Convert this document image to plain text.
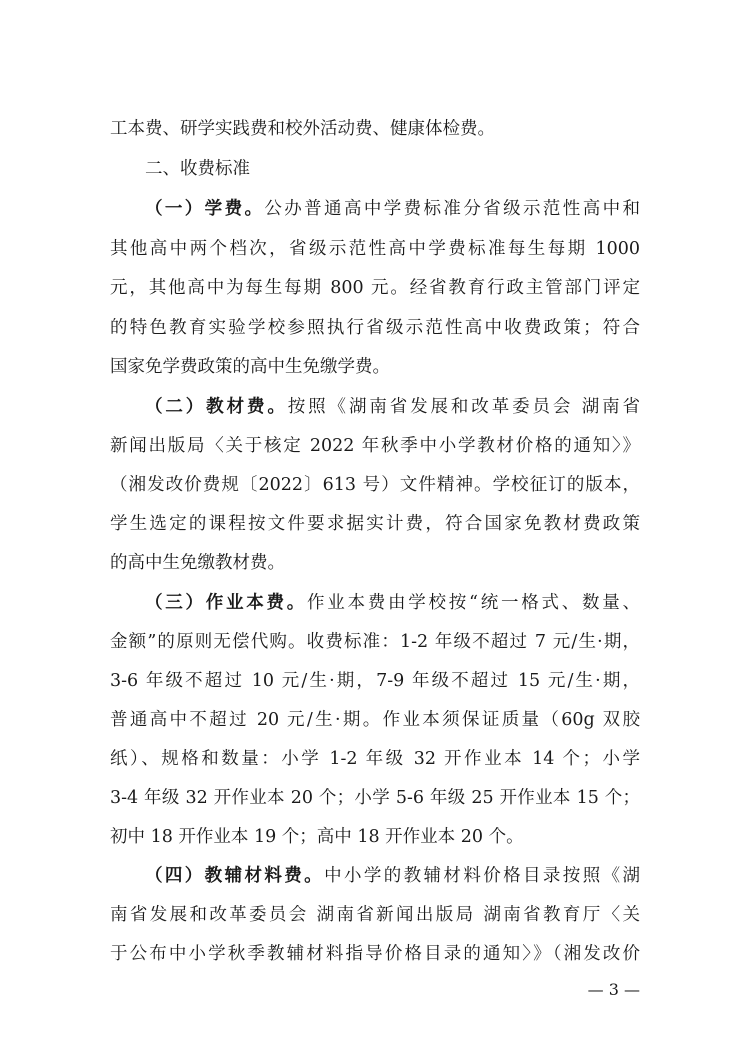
工本费、研学实践费和校外活动费、健康体检费。
二、收费标准
（一）学费。公办普通高中学费标准分省级示范性高中和
其他高中两个档次，省级示范性高中学费标准每生每期 1000
元，其他高中为每生每期 800 元。经省教育行政主管部门评定
的特色教育实验学校参照执行省级示范性高中收费政策；符合
国家免学费政策的高中生免缴学费。
（二）教材费。按照《湖南省发展和改革委员会 湖南省
新闻出版局〈关于核定 2022 年秋季中小学教材价格的通知〉》
（湘发改价费规〔2022〕613 号）文件精神。学校征订的版本，
学生选定的课程按文件要求据实计费，符合国家免教材费政策
的高中生免缴教材费。
（三）作业本费。作业本费由学校按“统一格式、数量、
金额”的原则无偿代购。收费标准：1-2 年级不超过 7 元/生·期，
3-6 年级不超过 10 元/生·期，7-9 年级不超过 15 元/生·期，
普通高中不超过 20 元/生·期。作业本须保证质量（60g 双胶
纸）、规格和数量：小学 1-2 年级 32 开作业本 14 个；小学
3-4 年级 32 开作业本 20 个；小学 5-6 年级 25 开作业本 15 个；
初中 18 开作业本 19 个；高中 18 开作业本 20 个。
（四）教辅材料费。中小学的教辅材料价格目录按照《湖
南省发展和改革委员会 湖南省新闻出版局 湖南省教育厅〈关
于公布中小学秋季教辅材料指导价格目录的通知〉》（湘发改价
— 3 —
